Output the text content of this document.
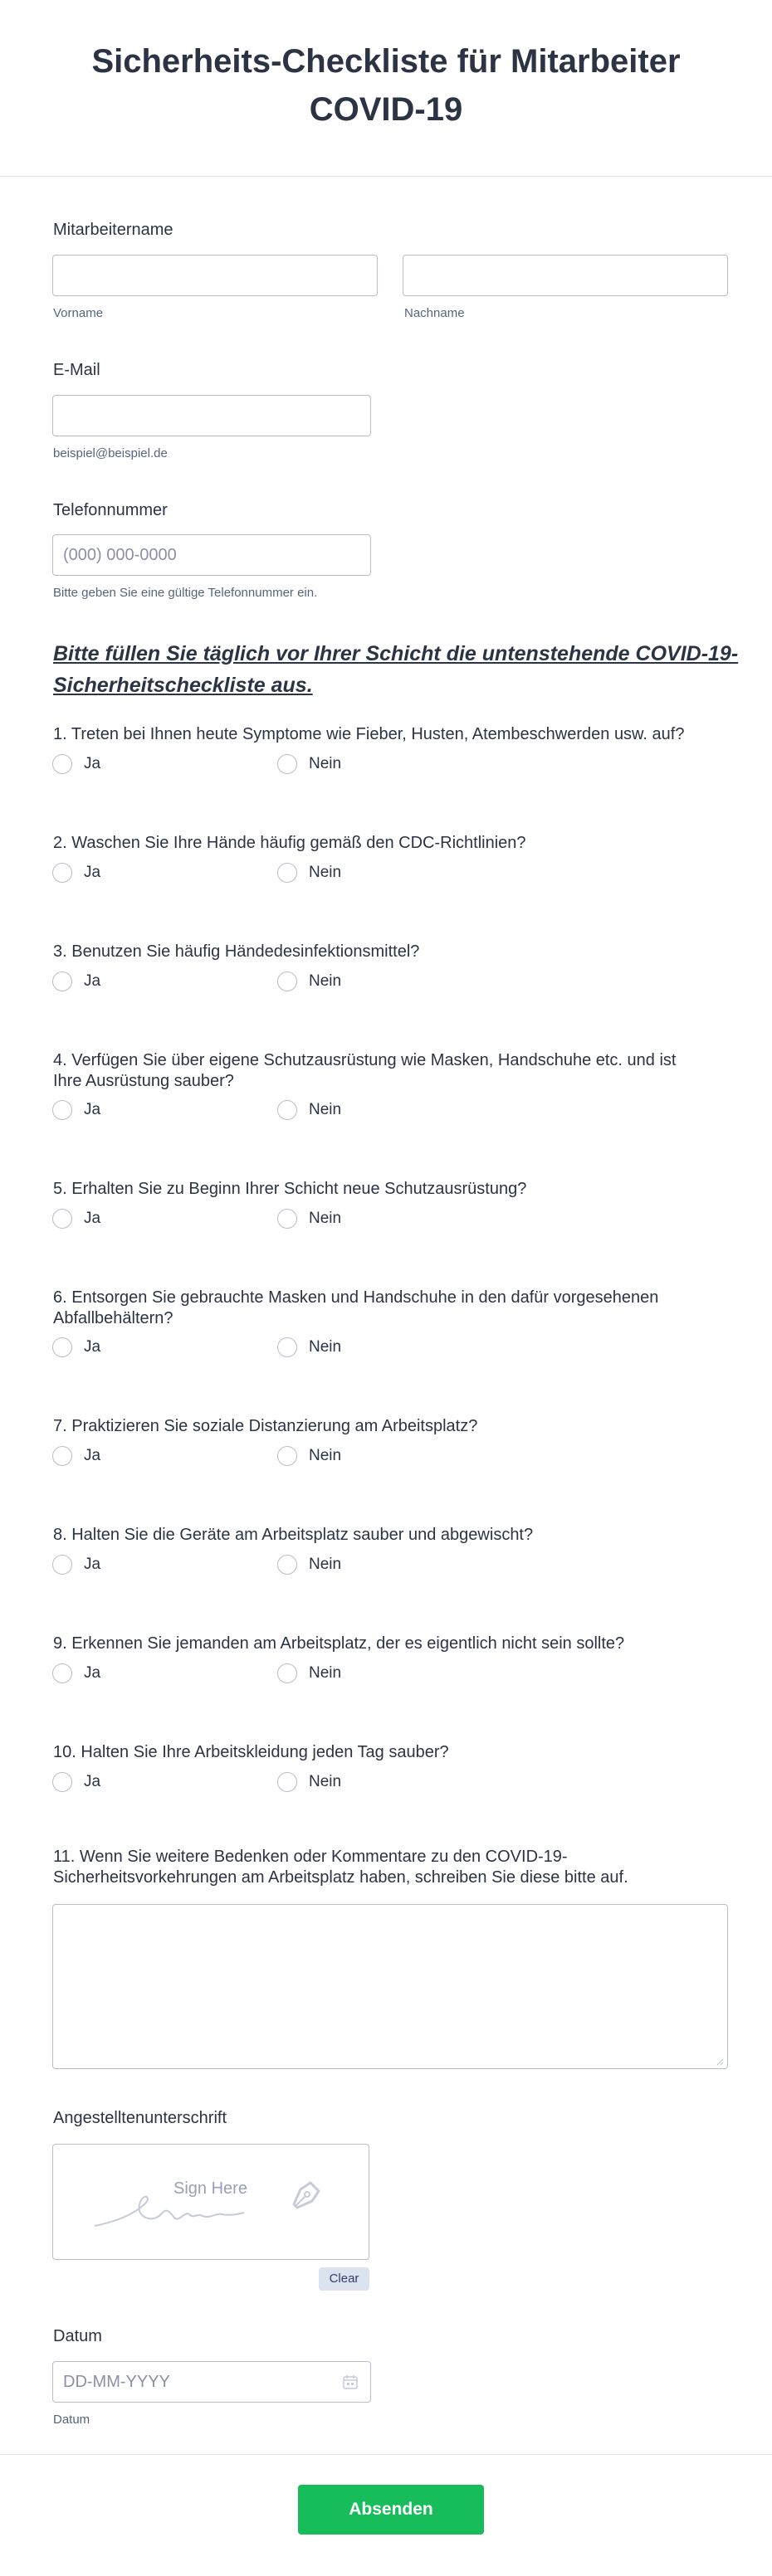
Sicherheits-Checkliste für Mitarbeiter
COVID-19
Mitarbeitername
Vorname	Nachname
E-Mail
beispiel@beispiel.de
Telefonnummer
(000) 000-0000
Bitte geben Sie eine gültige Telefonnummer ein.
Bitte füllen Sie täglich vor Ihrer Schicht die untenstehende COVID-19-
Sicherheitscheckliste aus.
1. Treten bei Ihnen heute Symptome wie Fieber, Husten, Atembeschwerden usw. auf?
Ja	Nein
2. Waschen Sie Ihre Hände häufig gemäß den CDC-Richtlinien?
Ja	Nein
3. Benutzen Sie häufig Händedesinfektionsmittel?
Ja	Nein
4. Verfügen Sie über eigene Schutzausrüstung wie Masken, Handschuhe etc. und ist
Ihre Ausrüstung sauber?
Ja	Nein
5. Erhalten Sie zu Beginn Ihrer Schicht neue Schutzausrüstung?
Ja	Nein
6. Entsorgen Sie gebrauchte Masken und Handschuhe in den dafür vorgesehenen
Abfallbehältern?
Ja	Nein
7. Praktizieren Sie soziale Distanzierung am Arbeitsplatz?
Ja	Nein
8. Halten Sie die Geräte am Arbeitsplatz sauber und abgewischt?
Ja	Nein
9. Erkennen Sie jemanden am Arbeitsplatz, der es eigentlich nicht sein sollte?
Ja	Nein
10. Halten Sie Ihre Arbeitskleidung jeden Tag sauber?
Ja	Nein
11. Wenn Sie weitere Bedenken oder Kommentare zu den COVID-19-
Sicherheitsvorkehrungen am Arbeitsplatz haben, schreiben Sie diese bitte auf.
Angestelltenunterschrift
Sign Here
Clear
Datum
DD-MM-YYYY
Datum
Absenden
